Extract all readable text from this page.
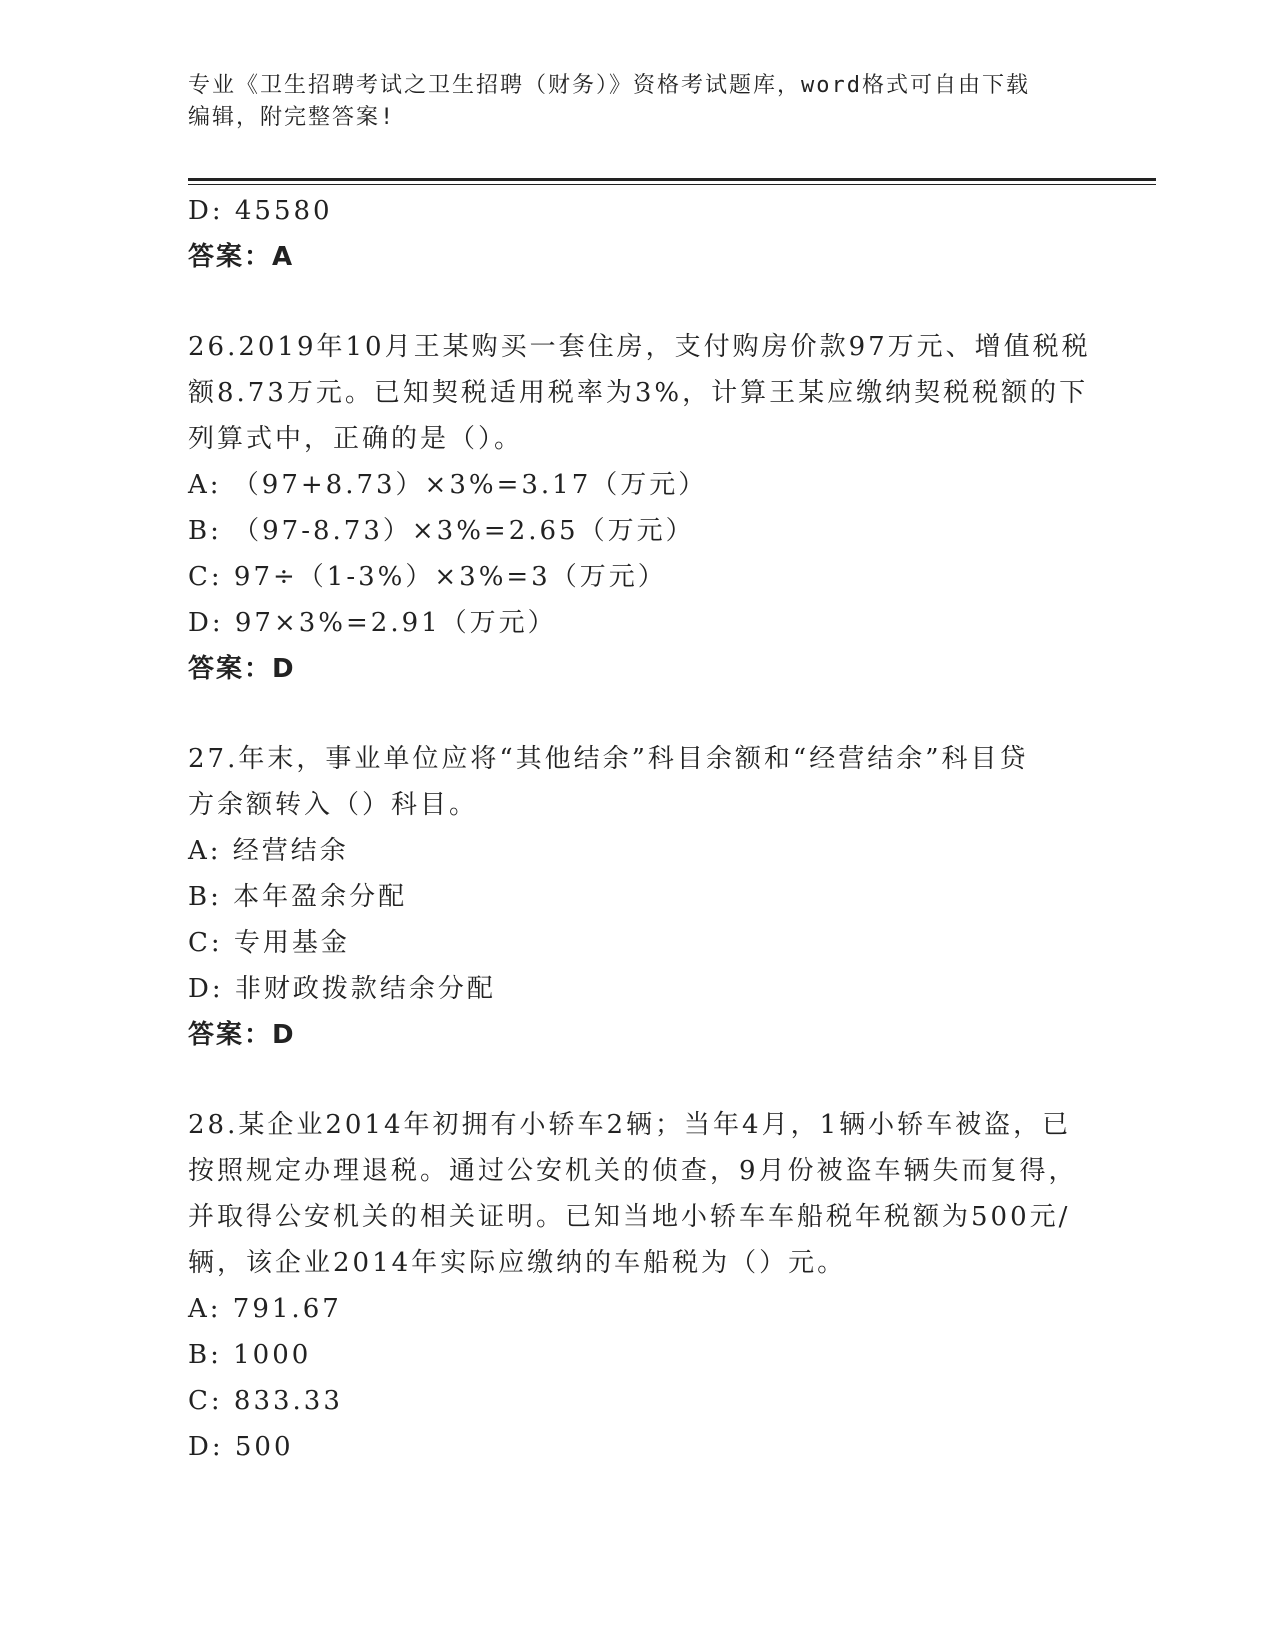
专业《卫生招聘考试之卫生招聘（财务）》资格考试题库，word格式可自由下载
编辑，附完整答案!
D: 45580
答案：A
26.2019年10月王某购买一套住房，支付购房价款97万元、增值税税
额8.73万元。已知契税适用税率为3%，计算王某应缴纳契税税额的下
列算式中，正确的是（）。
A: （97+8.73）×3%=3.17（万元）
B: （97-8.73）×3%=2.65（万元）
C: 97÷（1-3%）×3%=3（万元）
D: 97×3%=2.91（万元）
答案：D
27.年末，事业单位应将“其他结余”科目余额和“经营结余”科目贷
方余额转入（）科目。
A: 经营结余
B: 本年盈余分配
C: 专用基金
D: 非财政拨款结余分配
答案：D
28.某企业2014年初拥有小轿车2辆；当年4月，1辆小轿车被盗，已
按照规定办理退税。通过公安机关的侦查，9月份被盗车辆失而复得，
并取得公安机关的相关证明。已知当地小轿车车船税年税额为500元/
辆，该企业2014年实际应缴纳的车船税为（）元。
A: 791.67
B: 1000
C: 833.33
D: 500
